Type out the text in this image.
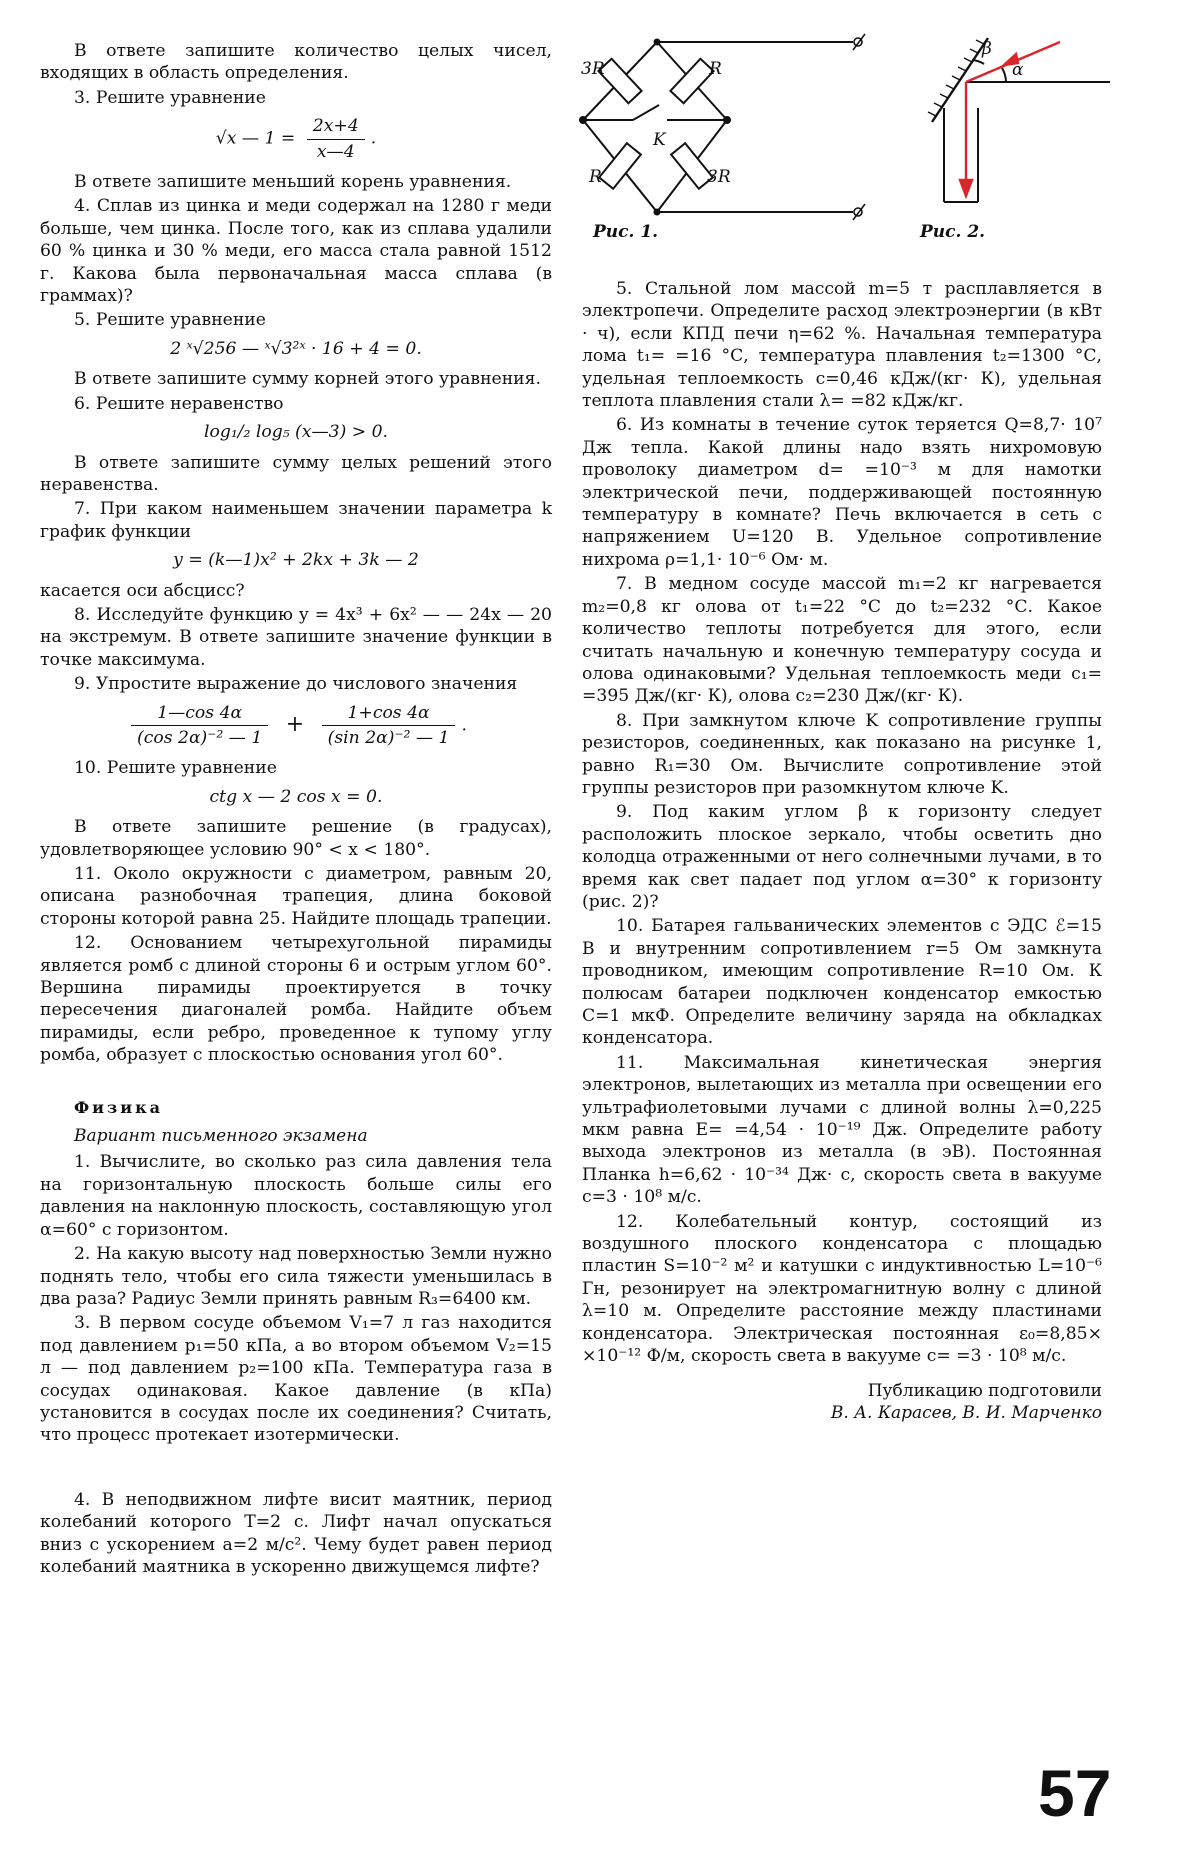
В ответе запишите количество целых чисел, входящих в область определения.

3. Решите уравнение

√x — $1 = \frac{2x+4}{x—4}$ .

В ответе запишите меньший корень уравнения.

4. Сплав из цинка и меди содержал на 1280 г меди больше, чем цинка. После того, как из сплава удалили 60 % цинка и 30 % меди, его масса стала равной 1512 г. Какова была первоначальная масса сплава (в граммах)?

5. Решите уравнение

2 ˣ√256 — ˣ√3²ˣ · 16 + 4 = 0.

В ответе запишите сумму корней этого уравнения.

6. Решите неравенство

log₁/₂ log₅ (x—3) > 0.

В ответе запишите сумму целых решений этого неравенства.

7. При каком наименьшем значении параметра k график функции

y = (k—1)x² + 2kx + 3k — 2

касается оси абсцисс?

8. Исследуйте функцию y = 4x³ + 6x² — — 24x — 20 на экстремум. В ответе запишите значение функции в точке максимума.

9. Упростите выражение до числового значения

$\frac{1—\cos 4\alpha}{\text{(cos 2α)⁻² — 1}} + \frac{1+\cos 4\alpha}{\text{(sin 2α)⁻² — 1}}$ .

10. Решите уравнение

ctg x — 2 cos x = 0.

В ответе запишите решение (в градусах), удовлетворяющее условию 90° < x < 180°.

11. Около окружности с диаметром, равным 20, описана разнобочная трапеция, длина боковой стороны которой равна 25. Найдите площадь трапеции.

12. Основанием четырехугольной пирамиды является ромб с длиной стороны 6 и острым углом 60°. Вершина пирамиды проектируется в точку пересечения диагоналей ромба. Найдите объем пирамиды, если ребро, проведенное к тупому углу ромба, образует с плоскостью основания угол 60°.

Физика
Вариант письменного экзамена

1. Вычислите, во сколько раз сила давления тела на горизонтальную плоскость больше силы его давления на наклонную плоскость, составляющую угол α=60° с горизонтом.

2. На какую высоту над поверхностью Земли нужно поднять тело, чтобы его сила тяжести уменьшилась в два раза? Радиус Земли принять равным R₃=6400 км.

3. В первом сосуде объемом V₁=7 л газ находится под давлением p₁=50 кПа, а во втором объемом V₂=15 л — под давлением p₂=100 кПа. Температура газа в сосудах одинаковая. Какое давление (в кПа) установится в сосудах после их соединения? Считать, что процесс протекает изотермически.

4. В неподвижном лифте висит маятник, период колебаний которого T=2 с. Лифт начал опускаться вниз с ускорением a=2 м/с². Чему будет равен период колебаний маятника в ускоренно движущемся лифте?

3R	R
R	3R
K
Рис. 1.
β
α
Рис. 2.

5. Стальной лом массой m=5 т расплавляется в электропечи. Определите расход электроэнергии (в кВт · ч), если КПД печи η=62 %. Начальная температура лома t₁= =16 °С, температура плавления t₂=1300 °С, удельная теплоемкость c=0,46 кДж/(кг· К), удельная теплота плавления стали λ= =82 кДж/кг.

6. Из комнаты в течение суток теряется Q=8,7· 10⁷ Дж тепла. Какой длины надо взять нихромовую проволоку диаметром d= =10⁻³ м для намотки электрической печи, поддерживающей постоянную температуру в комнате? Печь включается в сеть с напряжением U=120 В. Удельное сопротивление нихрома ρ=1,1· 10⁻⁶ Ом· м.

7. В медном сосуде массой m₁=2 кг нагревается m₂=0,8 кг олова от t₁=22 °С до t₂=232 °С. Какое количество теплоты потребуется для этого, если считать начальную и конечную температуру сосуда и олова одинаковыми? Удельная теплоемкость меди c₁= =395 Дж/(кг· К), олова c₂=230 Дж/(кг· К).

8. При замкнутом ключе K сопротивление группы резисторов, соединенных, как показано на рисунке 1, равно R₁=30 Ом. Вычислите сопротивление этой группы резисторов при разомкнутом ключе K.

9. Под каким углом β к горизонту следует расположить плоское зеркало, чтобы осветить дно колодца отраженными от него солнечными лучами, в то время как свет падает под углом α=30° к горизонту (рис. 2)?

10. Батарея гальванических элементов с ЭДС ℰ=15 В и внутренним сопротивлением r=5 Ом замкнута проводником, имеющим сопротивление R=10 Ом. К полюсам батареи подключен конденсатор емкостью C=1 мкФ. Определите величину заряда на обкладках конденсатора.

11. Максимальная кинетическая энергия электронов, вылетающих из металла при освещении его ультрафиолетовыми лучами с длиной волны λ=0,225 мкм равна E= =4,54 · 10⁻¹⁹ Дж. Определите работу выхода электронов из металла (в эВ). Постоянная Планка h=6,62 · 10⁻³⁴ Дж· с, скорость света в вакууме c=3 · 10⁸ м/с.

12. Колебательный контур, состоящий из воздушного плоского конденсатора с площадью пластин S=10⁻² м² и катушки с индуктивностью L=10⁻⁶ Гн, резонирует на электромагнитную волну с длиной λ=10 м. Определите расстояние между пластинами конденсатора. Электрическая постоянная ε₀=8,85× ×10⁻¹² Ф/м, скорость света в вакууме c= =3 · 10⁸ м/с.

Публикацию подготовили
В. А. Карасев, В. И. Марченко
57
